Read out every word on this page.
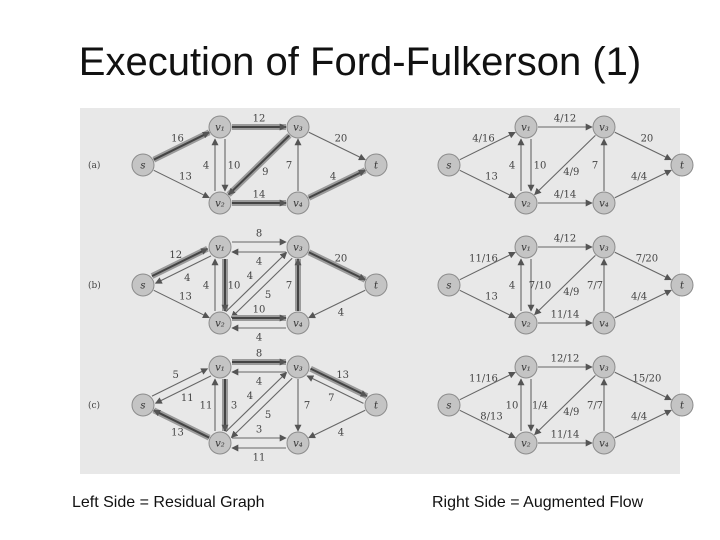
Execution of Ford-Fulkerson (1)
(a)
16
13
10
4
12
9
14
7
20
4
s
v₁
v₂
v₃
v₄
t
4/16
13
10
4
4/12
4/9
4/14
7
20
4/4
s
v₁
v₂
v₃
v₄
t
(b)
12
4
13
10
4
8
4
5
4
10
4
7
20
4
s
v₁
v₂
v₃
v₄
t
11/16
13
7/10
4
4/12
4/9
11/14
7/7
7/20
4/4
s
v₁
v₂
v₃
v₄
t
(c)
5
11
13
3
11
8
4
5
4
3
11
7
13
7
4
s
v₁
v₂
v₃
v₄
t
11/16
8/13
1/4
10
12/12
4/9
11/14
7/7
15/20
4/4
s
v₁
v₂
v₃
v₄
t
Left Side = Residual Graph	Right Side = Augmented Flow
